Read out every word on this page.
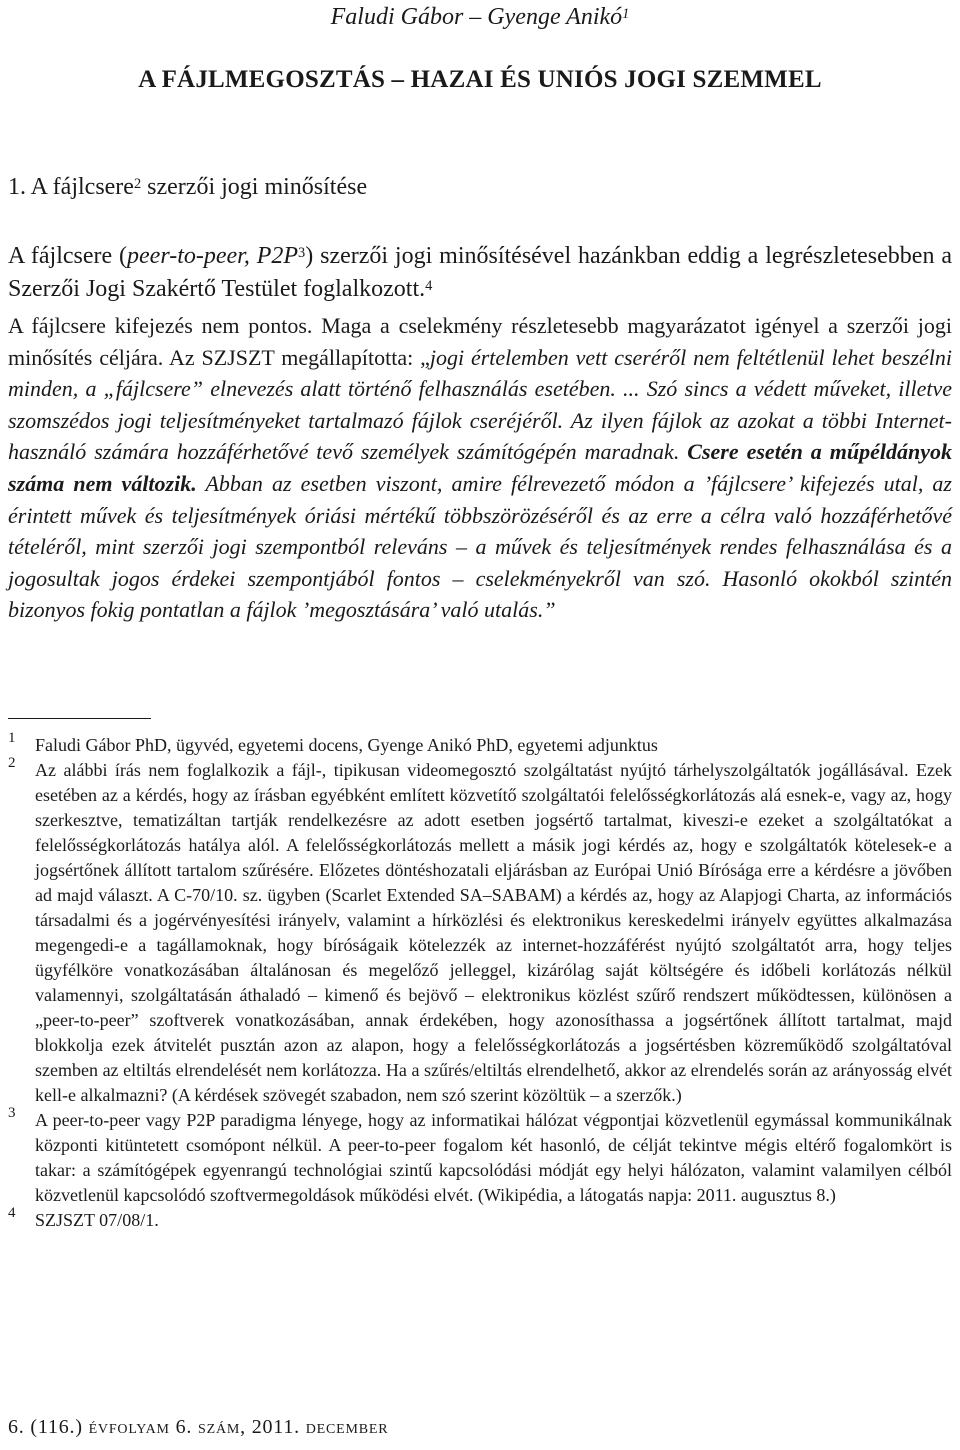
Faludi Gábor – Gyenge Anikó$^1$
A FÁJLMEGOSZTÁS – HAZAI ÉS UNIÓS JOGI SZEMMEL
1. A fájlcsere$^2$ szerzői jogi minősítése

A fájlcsere (peer-to-peer, $P2P^3$) szerzői jogi minősítésével hazánkban eddig a legrészletesebben a Szerzői Jogi Szakértő Testület foglalkozott.$^4$

A fájlcsere kifejezés nem pontos. Maga a cselekmény részletesebb magyarázatot igényel a szerzői jogi minősítés céljára. Az SZJSZT megállapította: „jogi értelemben vett cseréről nem feltétlenül lehet beszélni minden, a „fájlcsere” elnevezés alatt történő felhasználás esetében. ... Szó sincs a védett műveket, illetve szomszédos jogi teljesítményeket tartalmazó fájlok cseréjéről. Az ilyen fájlok az azokat a többi Internet-használó számára hozzáférhetővé tevő személyek számítógépén maradnak. Csere esetén a műpéldányok száma nem változik. Abban az esetben viszont, amire félrevezető módon a ’fájlcsere’ kifejezés utal, az érintett művek és teljesítmények óriási mértékű többszörözéséről és az erre a célra való hozzáférhetővé tételéről, mint szerzői jogi szempontból releváns – a művek és teljesítmények rendes felhasználása és a jogosultak jogos érdekei szempontjából fontos – cselekményekről van szó. Hasonló okokból szintén bizonyos fokig pontatlan a fájlok ’megosztására’ való utalás.”

1 Faludi Gábor PhD, ügyvéd, egyetemi docens, Gyenge Anikó PhD, egyetemi adjunktus
2 Az alábbi írás nem foglalkozik a fájl-, tipikusan videomegosztó szolgáltatást nyújtó tárhelyszolgáltatók jogállásával. Ezek esetében az a kérdés, hogy az írásban egyébként említett közvetítő szolgáltatói felelősségkorlátozás alá esnek-e, vagy az, hogy szerkesztve, tematizáltan tartják rendelkezésre az adott esetben jogsértő tartalmat, kiveszi-e ezeket a szolgáltatókat a felelősségkorlátozás hatálya alól. A felelősségkorlátozás mellett a másik jogi kérdés az, hogy e szolgáltatók kötelesek-e a jogsértőnek állított tartalom szűrésére. Előzetes döntéshozatali eljárásban az Európai Unió Bírósága erre a kérdésre a jövőben ad majd választ. A C-70/10. sz. ügyben (Scarlet Extended SA–SABAM) a kérdés az, hogy az Alapjogi Charta, az információs társadalmi és a jogérvényesítési irányelv, valamint a hírközlési és elektronikus kereskedelmi irányelv együttes alkalmazása megengedi-e a tagállamoknak, hogy bíróságaik kötelezzék az internet-hozzáférést nyújtó szolgáltatót arra, hogy teljes ügyfélköre vonatkozásában általánosan és megelőző jelleggel, kizárólag saját költségére és időbeli korlátozás nélkül valamennyi, szolgáltatásán áthaladó – kimenő és bejövő – elektronikus közlést szűrő rendszert működtessen, különösen a „peer-to-peer” szoftverek vonatkozásában, annak érdekében, hogy azonosíthassa a jogsértőnek állított tartalmat, majd blokkolja ezek átvitelét pusztán azon az alapon, hogy a felelősségkorlátozás a jogsértésben közreműködő szolgáltatóval szemben az eltiltás elrendelését nem korlátozza. Ha a szűrés/eltiltás elrendelhető, akkor az elrendelés során az arányosság elvét kell-e alkalmazni? (A kérdések szövegét szabadon, nem szó szerint közöltük – a szerzők.)
3 A peer-to-peer vagy P2P paradigma lényege, hogy az informatikai hálózat végpontjai közvetlenül egymással kommunikálnak központi kitüntetett csomópont nélkül. A peer-to-peer fogalom két hasonló, de célját tekintve mégis eltérő fogalomkört is takar: a számítógépek egyenrangú technológiai szintű kapcsolódási módját egy helyi hálózaton, valamint valamilyen célból közvetlenül kapcsolódó szoftvermegoldások működési elvét. (Wikipédia, a látogatás napja: 2011. augusztus 8.)
4 SZJSZT 07/08/1.
6. (116.) évfolyam 6. szám, 2011. december
